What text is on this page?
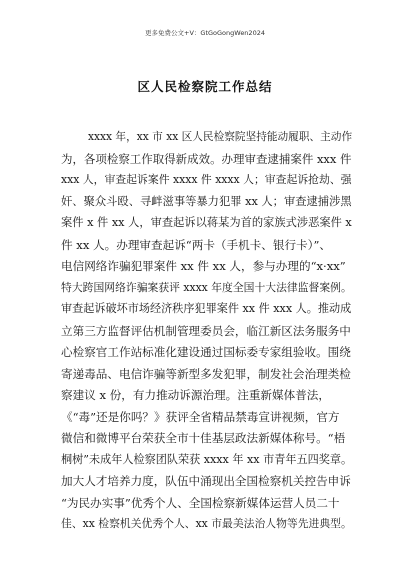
更多免费公文+V：GtGoGongWen2024
区人民检察院工作总结
xxxx 年，xx 市 xx 区人民检察院坚持能动履职、主动作
为，各项检察工作取得新成效。办理审查逮捕案件 xxx 件
xxx 人，审查起诉案件 xxxx 件 xxxx 人；审查起诉抢劫、强
奸、聚众斗殴、寻衅滋事等暴力犯罪 xx 人；审查逮捕涉黑
案件 x 件 xx 人，审查起诉以蒋某为首的家族式涉恶案件 x
件 xx 人。办理审查起诉“两卡（手机卡、银行卡）”、
电信网络诈骗犯罪案件 xx 件 xx 人，参与办理的“x·xx”
特大跨国网络诈骗案获评 xxxx 年度全国十大法律监督案例。
审查起诉破坏市场经济秩序犯罪案件 xx 件 xxx 人。推动成
立第三方监督评估机制管理委员会，临江新区法务服务中
心检察官工作站标准化建设通过国标委专家组验收。围绕
寄递毒品、电信诈骗等新型多发犯罪，制发社会治理类检
察建议 x 份，有力推动诉源治理。注重新媒体普法，
《“毒”还是你吗？》获评全省精品禁毒宣讲视频，官方
微信和微博平台荣获全市十佳基层政法新媒体称号。“梧
桐树”未成年人检察团队荣获 xxxx 年 xx 市青年五四奖章。
加大人才培养力度，队伍中涌现出全国检察机关控告申诉
“为民办实事”优秀个人、全国检察新媒体运营人员二十
佳、xx 检察机关优秀个人、xx 市最美法治人物等先进典型。
